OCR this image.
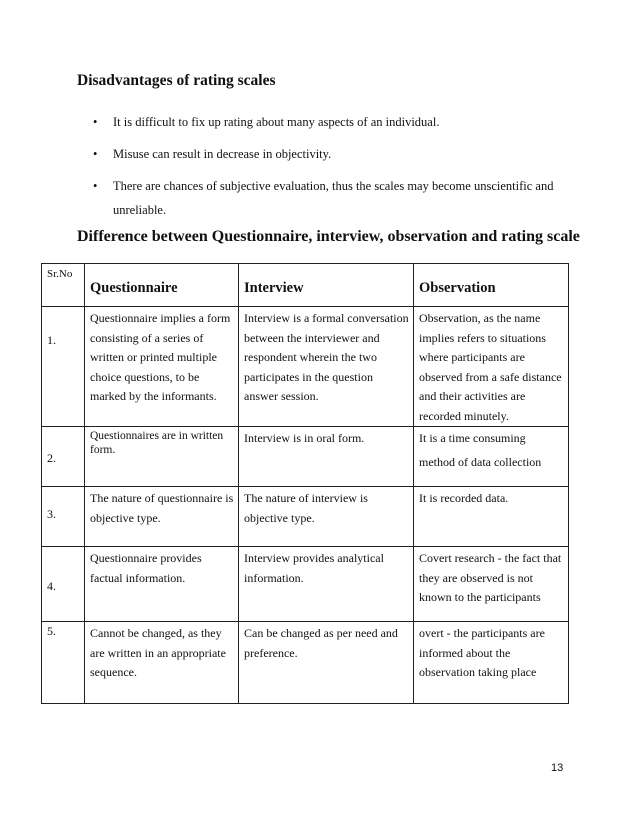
Disadvantages of rating scales
• It is difficult to fix up rating about many aspects of an individual.
• Misuse can result in decrease in objectivity.
• There are chances of subjective evaluation, thus the scales may become unscientific and
unreliable.
Difference between Questionnaire, interview, observation and rating scale
Sr.No	Questionnaire	Interview	Observation

1.	Questionnaire implies a form consisting of a series of written or printed multiple choice questions, to be marked by the informants.	Interview is a formal conversation between the interviewer and respondent wherein the two participates in the question answer session.	Observation, as the name implies refers to situations where participants are observed from a safe distance and their activities are recorded minutely.

2.	Questionnaires are in written form.	Interview is in oral form.	It is a time consuming
method of data collection

3.	The nature of questionnaire is objective type.	The nature of interview is objective type.	It is recorded data.

4.	Questionnaire provides factual information.	Interview provides analytical information.	Covert research - the fact that they are observed is not known to the participants

5.	Cannot be changed, as they are written in an appropriate sequence.	Can be changed as per need and preference.	overt - the participants are informed about the observation taking place
13
